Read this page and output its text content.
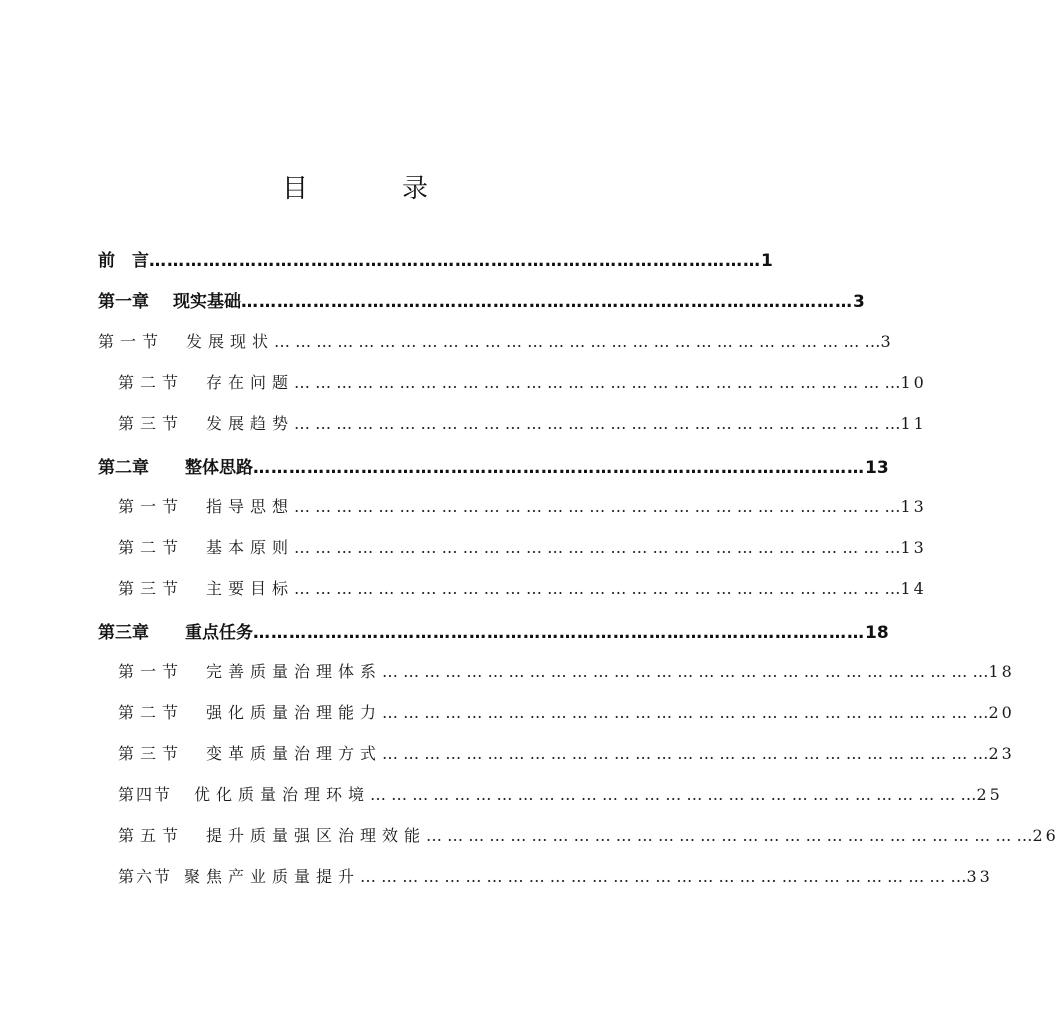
目　录
前　言 ………………………………………………………………………………………… 1
第一章 现实基础 ………………………………………………………………………………………… 3
第一节 发展现状 … … … … … … … … … … … … … … … … … … … … … … … … … … … … … 3
第二节 存在问题 … … … … … … … … … … … … … … … … … … … … … … … … … … … … … 10
第三节 发展趋势 … … … … … … … … … … … … … … … … … … … … … … … … … … … … … 11
第二章 整体思路 ………………………………………………………………………………………… 13
第一节 指导思想 … … … … … … … … … … … … … … … … … … … … … … … … … … … … … 13
第二节 基本原则 … … … … … … … … … … … … … … … … … … … … … … … … … … … … … 13
第三节 主要目标 … … … … … … … … … … … … … … … … … … … … … … … … … … … … … 14
第三章 重点任务 ………………………………………………………………………………………… 18
第一节 完善质量治理体系 … … … … … … … … … … … … … … … … … … … … … … … … … … … … … 18
第二节 强化质量治理能力 … … … … … … … … … … … … … … … … … … … … … … … … … … … … … 20
第三节 变革质量治理方式 … … … … … … … … … … … … … … … … … … … … … … … … … … … … … 23
第四节 优化质量治理环境 … … … … … … … … … … … … … … … … … … … … … … … … … … … … … 25
第五节 提升质量强区治理效能 … … … … … … … … … … … … … … … … … … … … … … … … … … … … … 26
第六节 聚焦产业质量提升 … … … … … … … … … … … … … … … … … … … … … … … … … … … … … 33
